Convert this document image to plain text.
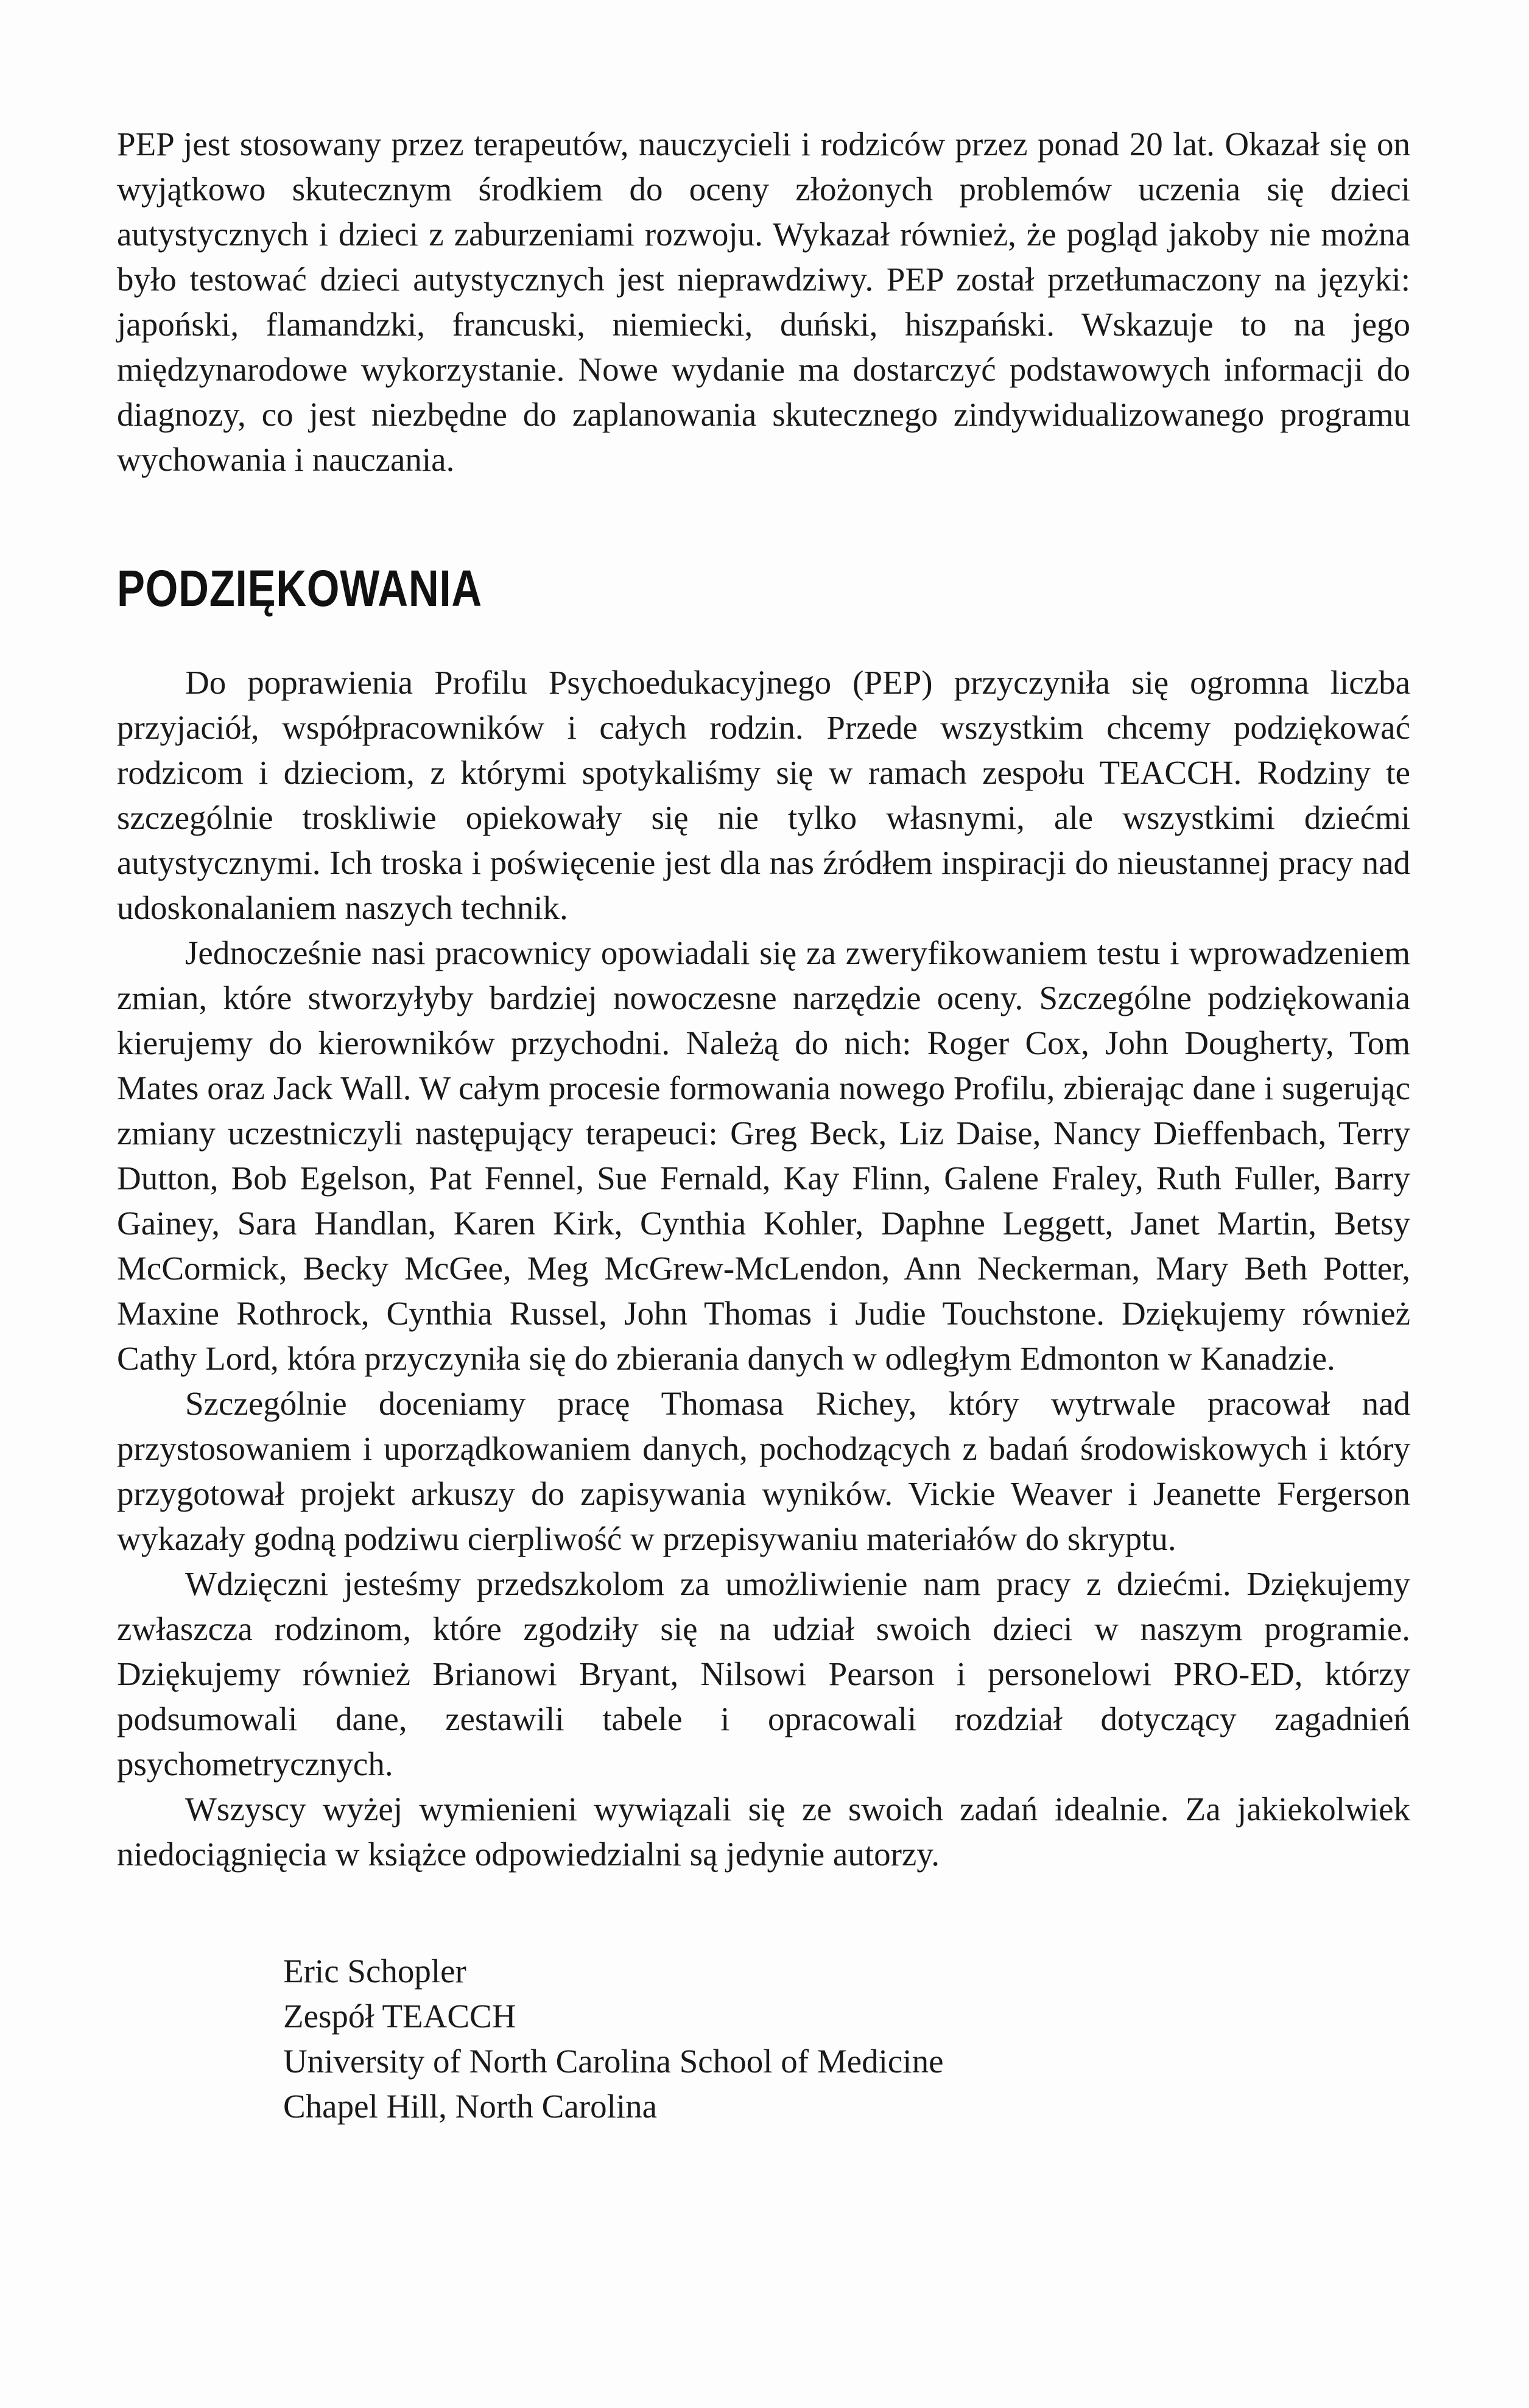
PEP jest stosowany przez terapeutów, nauczycieli i rodziców przez ponad 20 lat. Okazał się on wyjątkowo skutecznym środkiem do oceny złożonych problemów uczenia się dzieci autystycznych i dzieci z zaburzeniami rozwoju. Wykazał również, że pogląd jakoby nie można było testować dzieci autystycznych jest nieprawdziwy. PEP został przetłumaczony na języki: japoński, flamandzki, francuski, niemiecki, duński, hiszpański. Wskazuje to na jego międzynarodowe wykorzystanie. Nowe wydanie ma dostarczyć podstawowych informacji do diagnozy, co jest niezbędne do zaplanowania skutecznego zindywidualizowanego programu wychowania i nauczania.

PODZIĘKOWANIA

Do poprawienia Profilu Psychoedukacyjnego (PEP) przyczyniła się ogromna liczba przyjaciół, współpracowników i całych rodzin. Przede wszystkim chcemy podziękować rodzicom i dzieciom, z którymi spotykaliśmy się w ramach zespołu TEACCH. Rodziny te szczególnie troskliwie opiekowały się nie tylko własnymi, ale wszystkimi dziećmi autystycznymi. Ich troska i poświęcenie jest dla nas źródłem inspiracji do nieustannej pracy nad udoskonalaniem naszych technik.

Jednocześnie nasi pracownicy opowiadali się za zweryfikowaniem testu i wprowadzeniem zmian, które stworzyłyby bardziej nowoczesne narzędzie oceny. Szczególne podziękowania kierujemy do kierowników przychodni. Należą do nich: Roger Cox, John Dougherty, Tom Mates oraz Jack Wall. W całym procesie formowania nowego Profilu, zbierając dane i sugerując zmiany uczestniczyli następujący terapeuci: Greg Beck, Liz Daise, Nancy Dieffenbach, Terry Dutton, Bob Egelson, Pat Fennel, Sue Fernald, Kay Flinn, Galene Fraley, Ruth Fuller, Barry Gainey, Sara Handlan, Karen Kirk, Cynthia Kohler, Daphne Leggett, Janet Martin, Betsy McCormick, Becky McGee, Meg McGrew-McLendon, Ann Neckerman, Mary Beth Potter, Maxine Rothrock, Cynthia Russel, John Thomas i Judie Touchstone. Dziękujemy również Cathy Lord, która przyczyniła się do zbierania danych w odległym Edmonton w Kanadzie.

Szczególnie doceniamy pracę Thomasa Richey, który wytrwale pracował nad przystosowaniem i uporządkowaniem danych, pochodzących z badań środowiskowych i który przygotował projekt arkuszy do zapisywania wyników. Vickie Weaver i Jeanette Fergerson wykazały godną podziwu cierpliwość w przepisywaniu materiałów do skryptu.

Wdzięczni jesteśmy przedszkolom za umożliwienie nam pracy z dziećmi. Dziękujemy zwłaszcza rodzinom, które zgodziły się na udział swoich dzieci w naszym programie. Dziękujemy również Brianowi Bryant, Nilsowi Pearson i personelowi PRO-ED, którzy podsumowali dane, zestawili tabele i opracowali rozdział dotyczący zagadnień psychometrycznych.

Wszyscy wyżej wymienieni wywiązali się ze swoich zadań idealnie. Za jakiekolwiek niedociągnięcia w książce odpowiedzialni są jedynie autorzy.

Eric Schopler

Zespół TEACCH

University of North Carolina School of Medicine

Chapel Hill, North Carolina
